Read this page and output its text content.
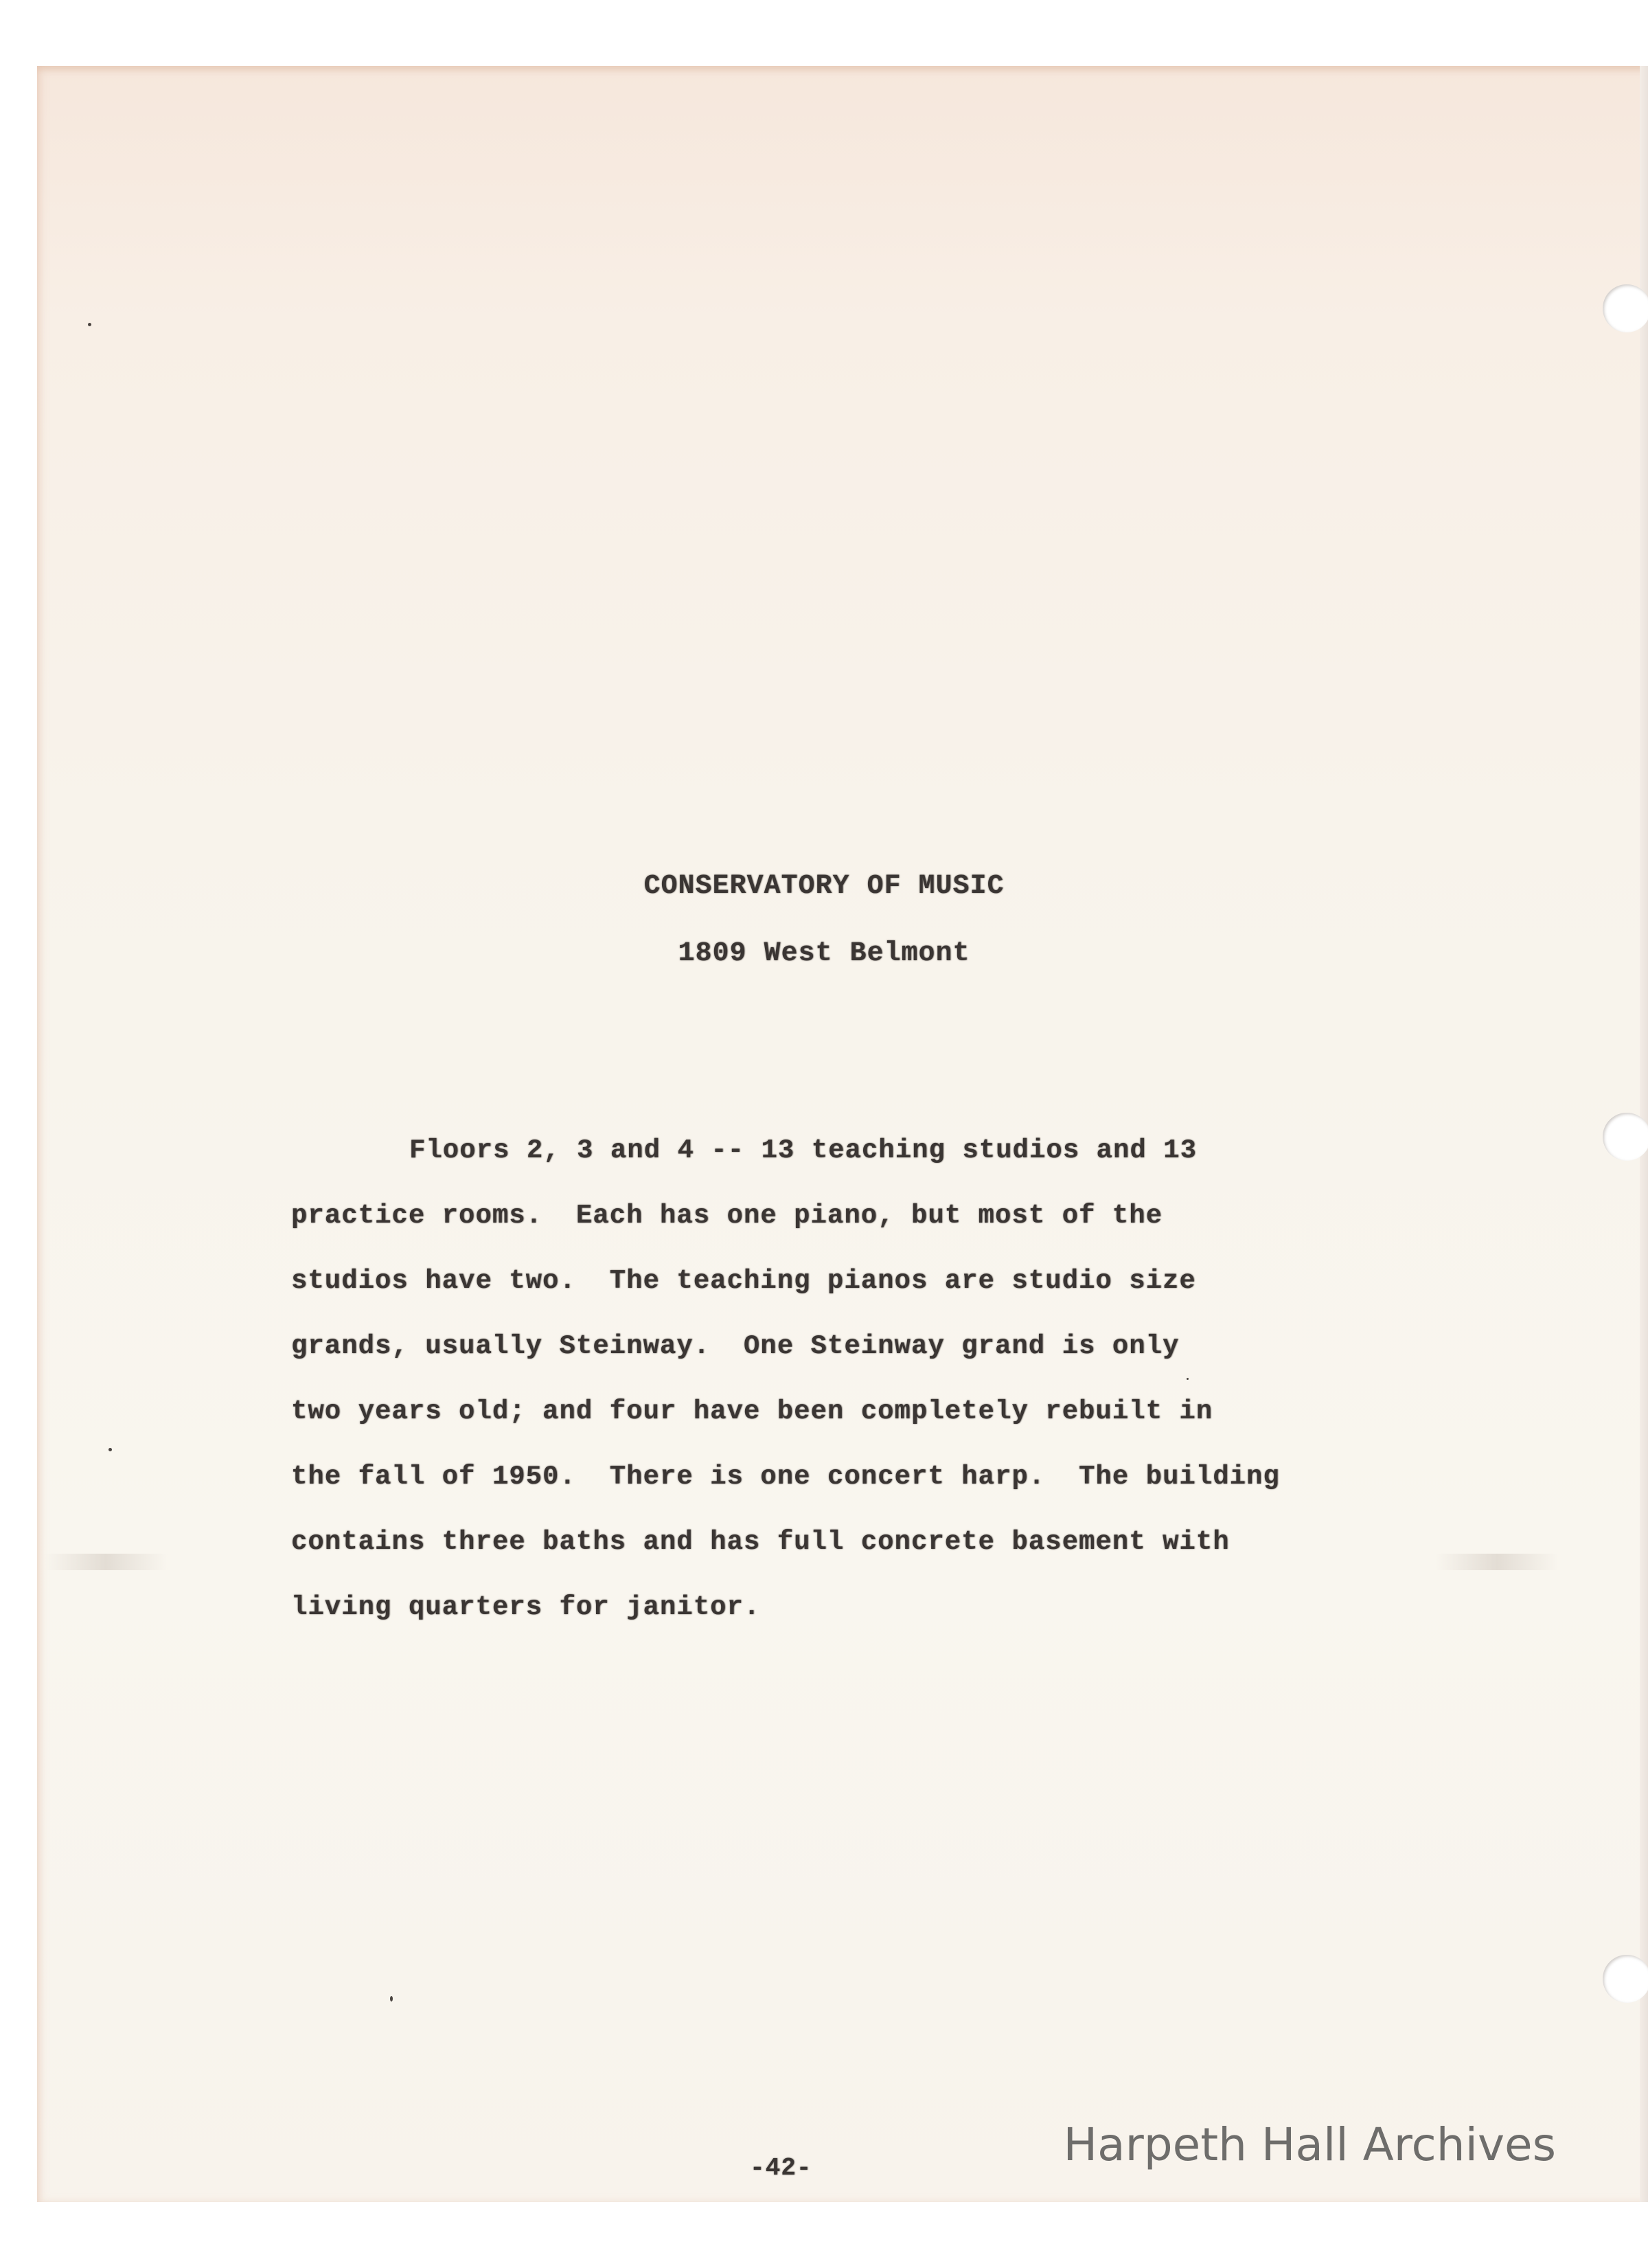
CONSERVATORY OF MUSIC
1809 West Belmont
Floors 2, 3 and 4 -- 13 teaching studios and 13
practice rooms.  Each has one piano, but most of the
studios have two.  The teaching pianos are studio size
grands, usually Steinway.  One Steinway grand is only
two years old; and four have been completely rebuilt in
the fall of 1950.  There is one concert harp.  The building
contains three baths and has full concrete basement with
living quarters for janitor.
-42-	Harpeth Hall Archives
